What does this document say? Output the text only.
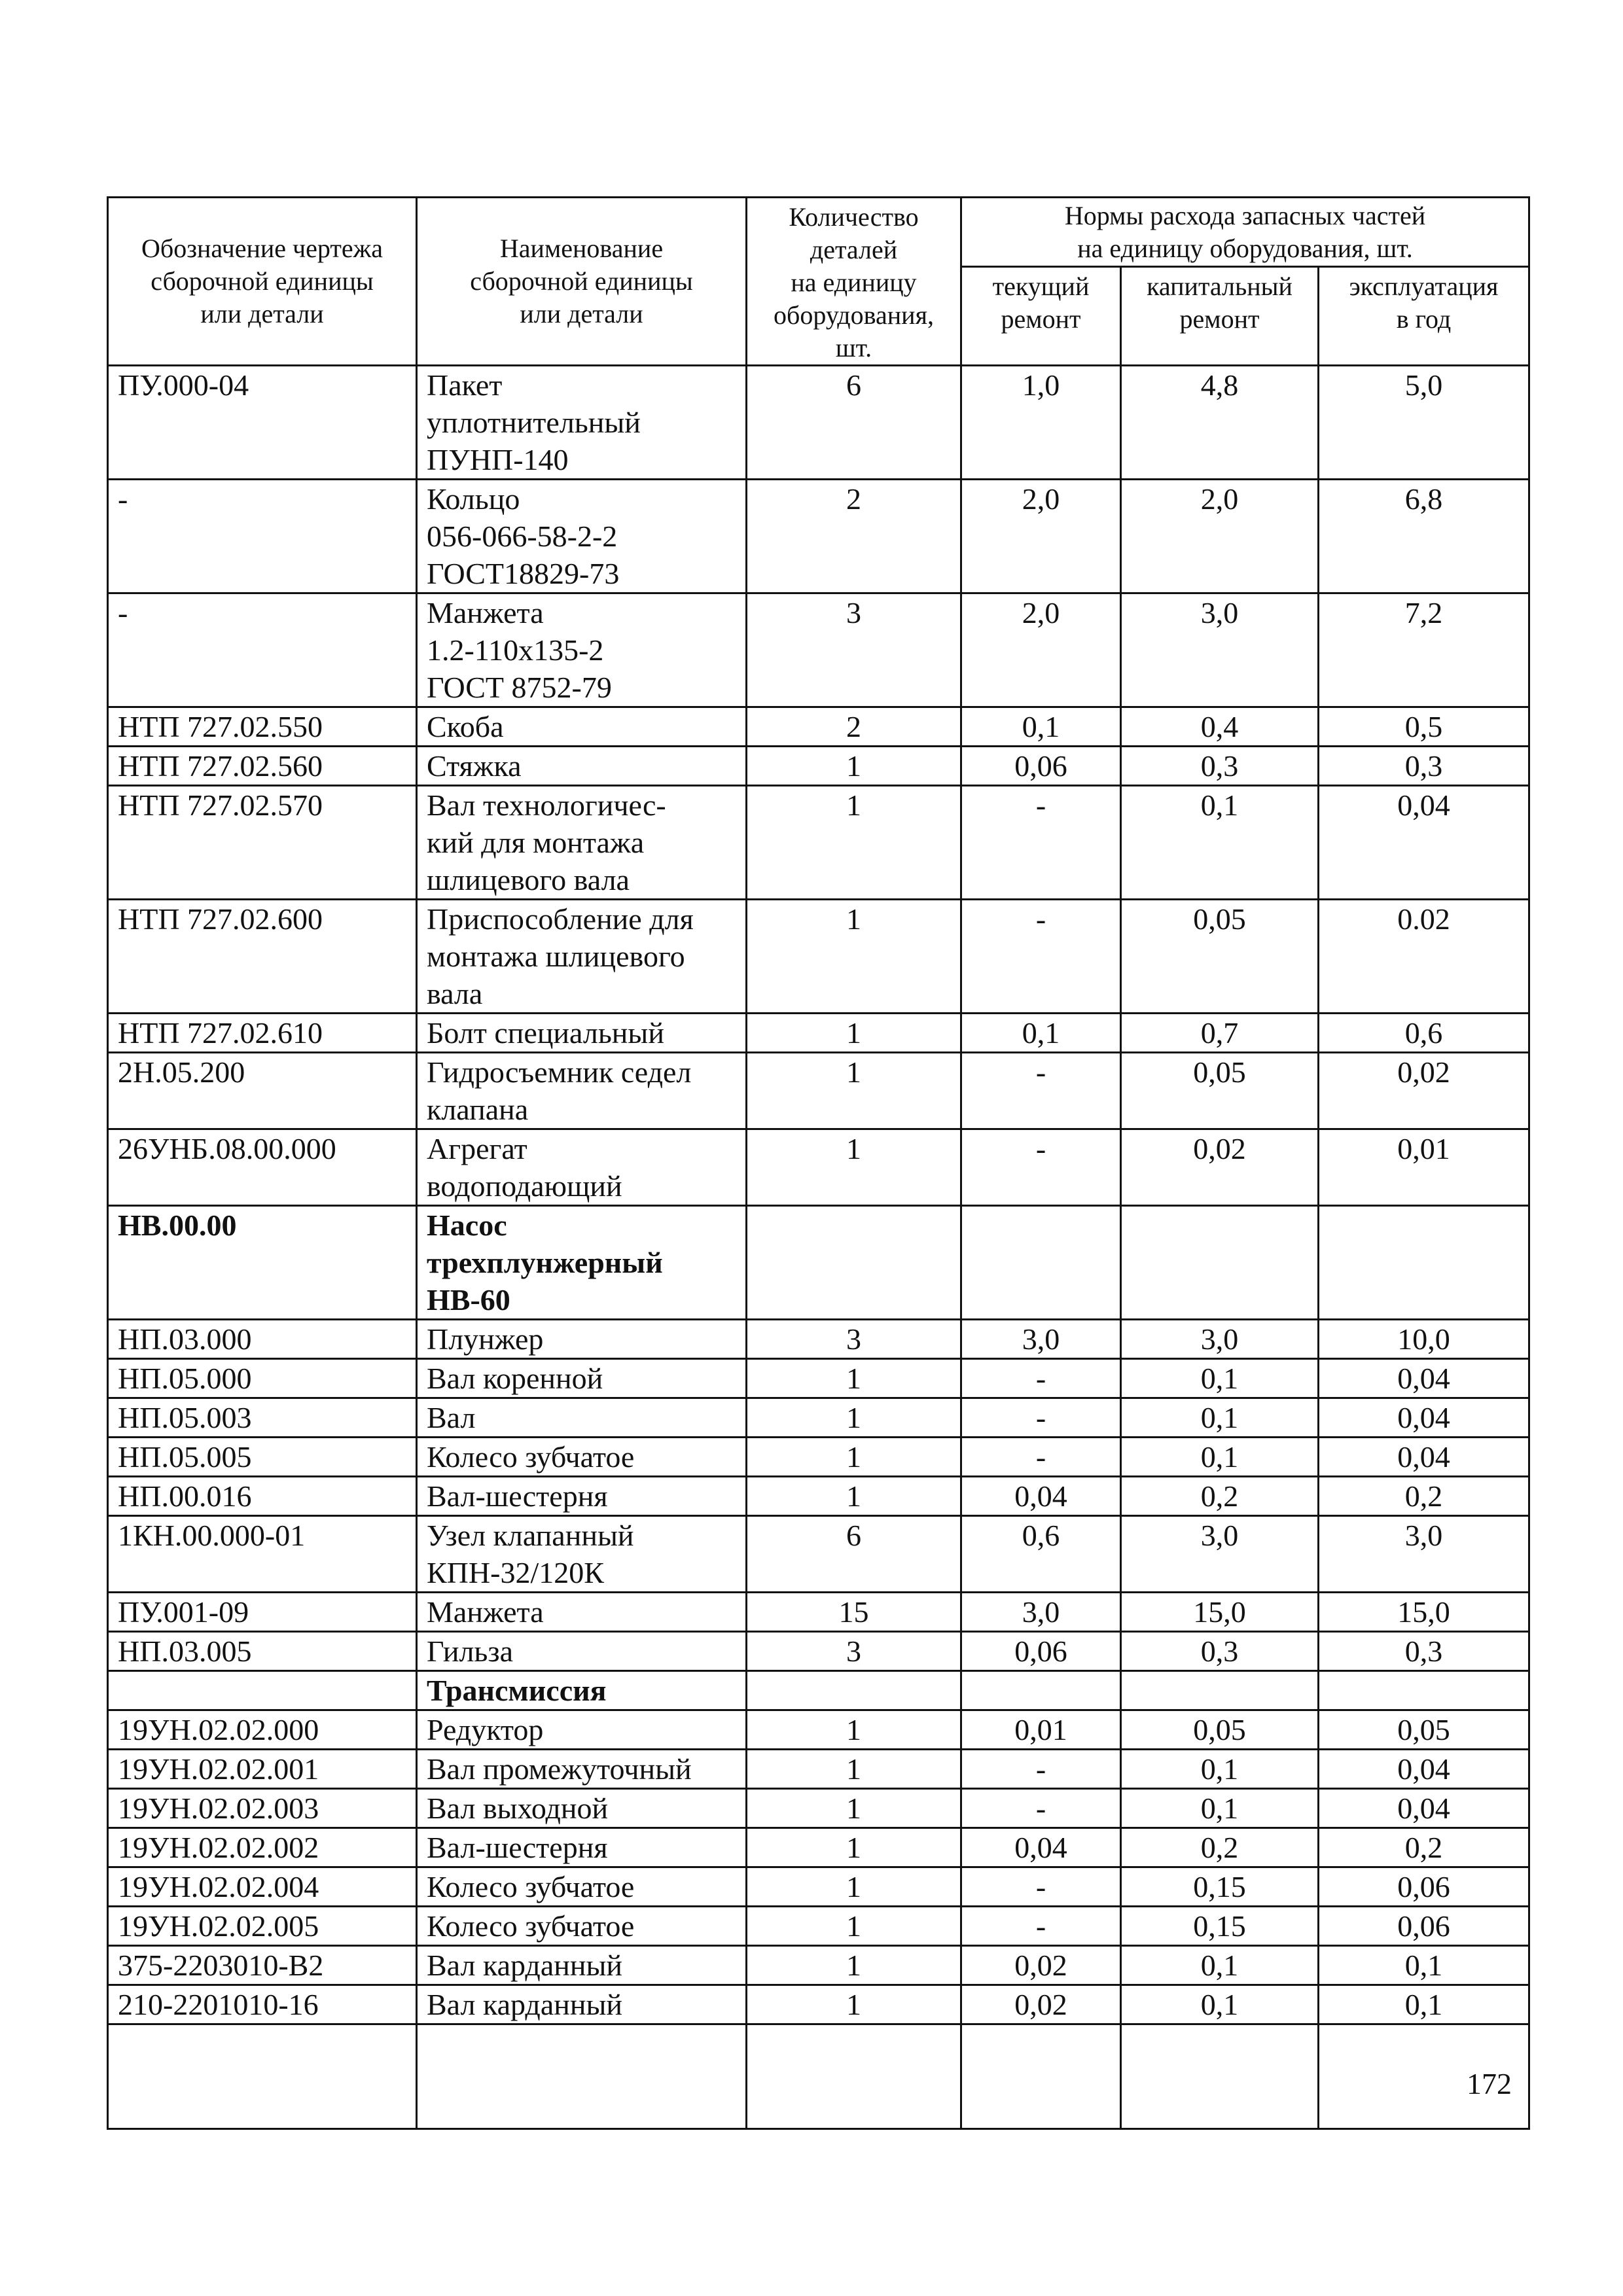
Обозначение чертежа
сборочной единицы
или детали	Наименование
сборочной единицы
или детали	Количество
деталей
на единицу
оборудования,
шт.	Нормы расхода запасных частей
на единицу оборудования, шт.		
			текущий
ремонт	капитальный
ремонт	эксплуатация
в год
ПУ.000-04	Пакет
уплотнительный
ПУНП-140	6	1,0	4,8	5,0
-	Кольцо
056-066-58-2-2
ГОСТ18829-73	2	2,0	2,0	6,8
-	Манжета
1.2-110х135-2
ГОСТ 8752-79	3	2,0	3,0	7,2
НТП 727.02.550	Скоба	2	0,1	0,4	0,5
НТП 727.02.560	Стяжка	1	0,06	0,3	0,3
НТП 727.02.570	Вал технологичес-
кий для монтажа
шлицевого вала	1	-	0,1	0,04
НТП 727.02.600	Приспособление для
монтажа шлицевого
вала	1	-	0,05	0.02
НТП 727.02.610	Болт специальный	1	0,1	0,7	0,6
2Н.05.200	Гидросъемник седел
клапана	1	-	0,05	0,02
26УНБ.08.00.000	Агрегат
водоподающий	1	-	0,02	0,01
НВ.00.00	Насос
трехплунжерный
НВ-60				
НП.03.000	Плунжер	3	3,0	3,0	10,0
НП.05.000	Вал коренной	1	-	0,1	0,04
НП.05.003	Вал	1	-	0,1	0,04
НП.05.005	Колесо зубчатое	1	-	0,1	0,04
НП.00.016	Вал-шестерня	1	0,04	0,2	0,2
1КН.00.000-01	Узел клапанный
КПН-32/120К	6	0,6	3,0	3,0
ПУ.001-09	Манжета	15	3,0	15,0	15,0
НП.03.005	Гильза	3	0,06	0,3	0,3
	Трансмиссия				
19УН.02.02.000	Редуктор	1	0,01	0,05	0,05
19УН.02.02.001	Вал промежуточный	1	-	0,1	0,04
19УН.02.02.003	Вал выходной	1	-	0,1	0,04
19УН.02.02.002	Вал-шестерня	1	0,04	0,2	0,2
19УН.02.02.004	Колесо зубчатое	1	-	0,15	0,06
19УН.02.02.005	Колесо зубчатое	1	-	0,15	0,06
375-2203010-В2	Вал карданный	1	0,02	0,1	0,1
210-2201010-16	Вал карданный	1	0,02	0,1	0,1

172
